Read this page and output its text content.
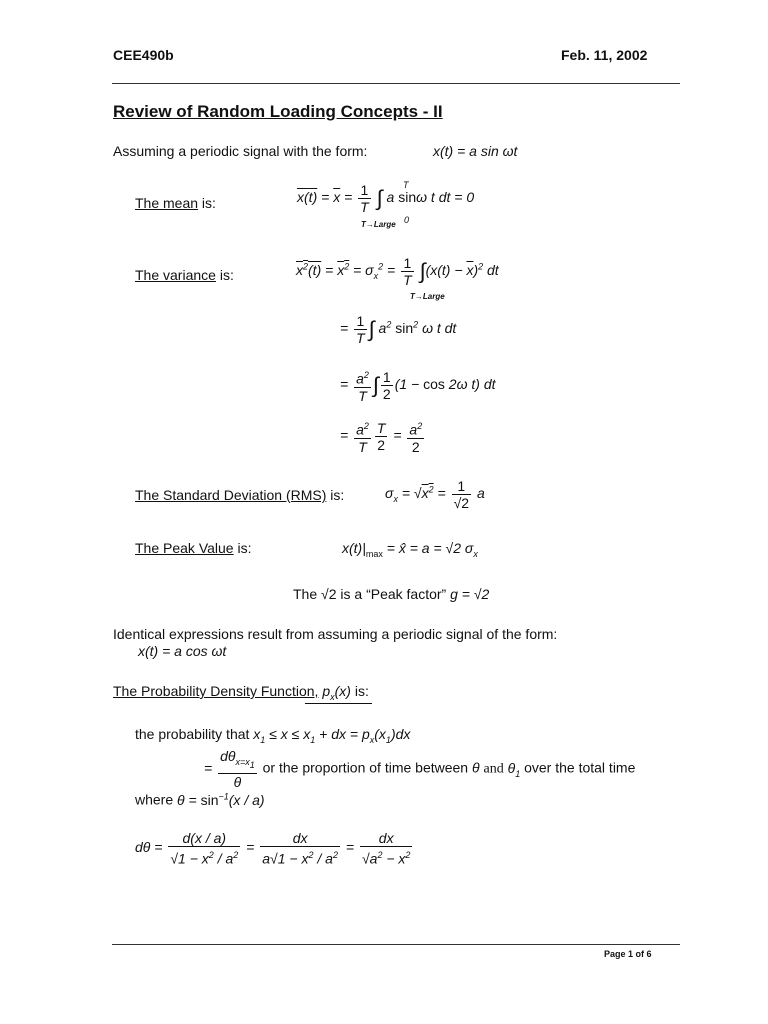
CEE490b	Feb. 11, 2002
Review of Random Loading Concepts - II
Assuming a periodic signal with the form:	x(t) = a sin ωt
The mean is:	$x(t) = \overline{x} = \frac{1}{T}$ ∫ a sinω t dt = 0
T→Large
T
0
The variance is:	$x^2(t) = x^2 = \sigma_x^2 = \frac{1}{T} \int(x(t) - \overline{x})^2$ dt
T→Large
= $\frac{1}{T}$ ∫ $a^2$ $\sin^2 \omega$ t dt
= $\frac{a^2}{T}$ ∫ $\frac{1}{2} (1 - \cos 2\omega$ t) dt
= $\frac{a^2}{T} \frac{T}{2} = \frac{a^2}{2}$
The Standard Deviation (RMS) is:	$\sigma_x = √x^2 = \frac{1}{√2}$ a
The Peak Value is:	$x(t)|_{max}$ = x̂ = a = √2 $\sigma_x$
The √2 is a “Peak factor” g = √2
Identical expressions result from assuming a periodic signal of the form:
x(t) = a cos ωt
The Probability Density Function, $p_x(x)$ is:
the probability that $x_1 \le x \le x_1$ + dx = $p_x(x_1)dx$
= $\frac{d\theta_{x=x_1}}{\theta}$ or the proportion of time between θ and $\theta_1$ over the total time
where $\theta = \sin^{-1}(x / a)$
$d\theta = \frac{d(x / a)}{√1 - x^2 / a^2} = \frac{dx}{a√1 - x^2 / a^2} = \frac{dx}{√a^2 - x^2}$
Page 1 of 6
